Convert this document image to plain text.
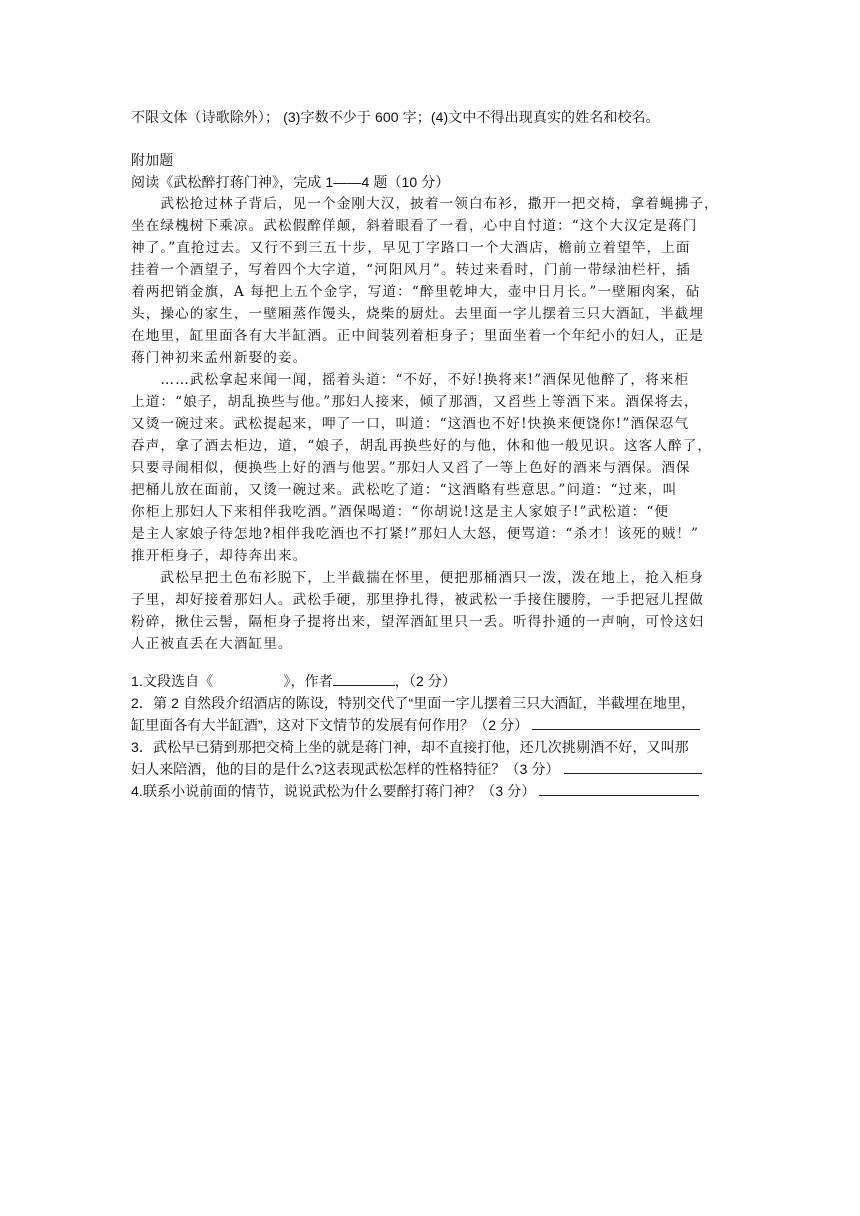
不限文体（诗歌除外）； (3)字数不少于 600 字；(4)文中不得出现真实的姓名和校名。
附加题
阅读《武松醉打蒋门神》，完成 1——4 题（10 分）
　　武松抢过林子背后，见一个金刚大汉，披着一领白布衫，撒开一把交椅，拿着蝇拂子，
坐在绿槐树下乘凉。武松假醉佯颠，斜着眼看了一看，心中自忖道：“这个大汉定是蒋门
神了。”直抢过去。又行不到三五十步，早见丁字路口一个大酒店，檐前立着望竿，上面
挂着一个酒望子，写着四个大字道，“河阳风月”。转过来看时，门前一带绿油栏杆，插
着两把销金旗，A 每把上五个金字，写道：“醉里乾坤大，壶中日月长。”一壁厢肉案，砧
头，操心的家生，一壁厢蒸作馒头，烧柴的厨灶。去里面一字儿摆着三只大酒缸，半截埋
在地里，缸里面各有大半缸酒。正中间装列着柜身子；里面坐着一个年纪小的妇人，正是
蒋门神初来孟州新娶的妾。
　　……武松拿起来闻一闻，摇着头道：“不好，不好!换将来!”酒保见他醉了，将来柜
上道：“娘子，胡乱换些与他。”那妇人接来，倾了那酒，又舀些上等酒下来。酒保将去，
又烫一碗过来。武松提起来，呷了一口，叫道：“这酒也不好!快换来便饶你!”酒保忍气
吞声，拿了酒去柜边，道，“娘子，胡乱再换些好的与他，休和他一般见识。这客人醉了，
只要寻闹相似，便换些上好的酒与他罢。”那妇人又舀了一等上色好的酒来与酒保。酒保
把桶儿放在面前，又烫一碗过来。武松吃了道：“这酒略有些意思。”问道：“过来，叫
你柜上那妇人下来相伴我吃酒。”酒保喝道：“你胡说!这是主人家娘子!”武松道：“便
是主人家娘子待怎地?相伴我吃酒也不打紧!”那妇人大怒，便骂道：“杀才！该死的贼！”
推开柜身子，却待奔出来。
　　武松早把土色布衫脱下，上半截揣在怀里，便把那桶酒只一泼，泼在地上，抢入柜身
子里，却好接着那妇人。武松手硬，那里挣扎得，被武松一手接住腰胯，一手把冠儿捏做
粉碎，揪住云髻，隔柜身子提将出来，望浑酒缸里只一丢。听得扑通的一声响，可怜这妇
人正被直丢在大酒缸里。
1.文段选自《	》，作者	，（2 分）
2．第 2 自然段介绍酒店的陈设，特别交代了“里面一字儿摆着三只大酒缸，半截埋在地里，
缸里面各有大半缸酒”，这对下文情节的发展有何作用？（2 分）
3．武松早已猜到那把交椅上坐的就是蒋门神，却不直接打他，还几次挑剔酒不好，又叫那
妇人来陪酒，他的目的是什么?这表现武松怎样的性格特征？（3 分）
4.联系小说前面的情节，说说武松为什么要醉打蒋门神？（3 分）
